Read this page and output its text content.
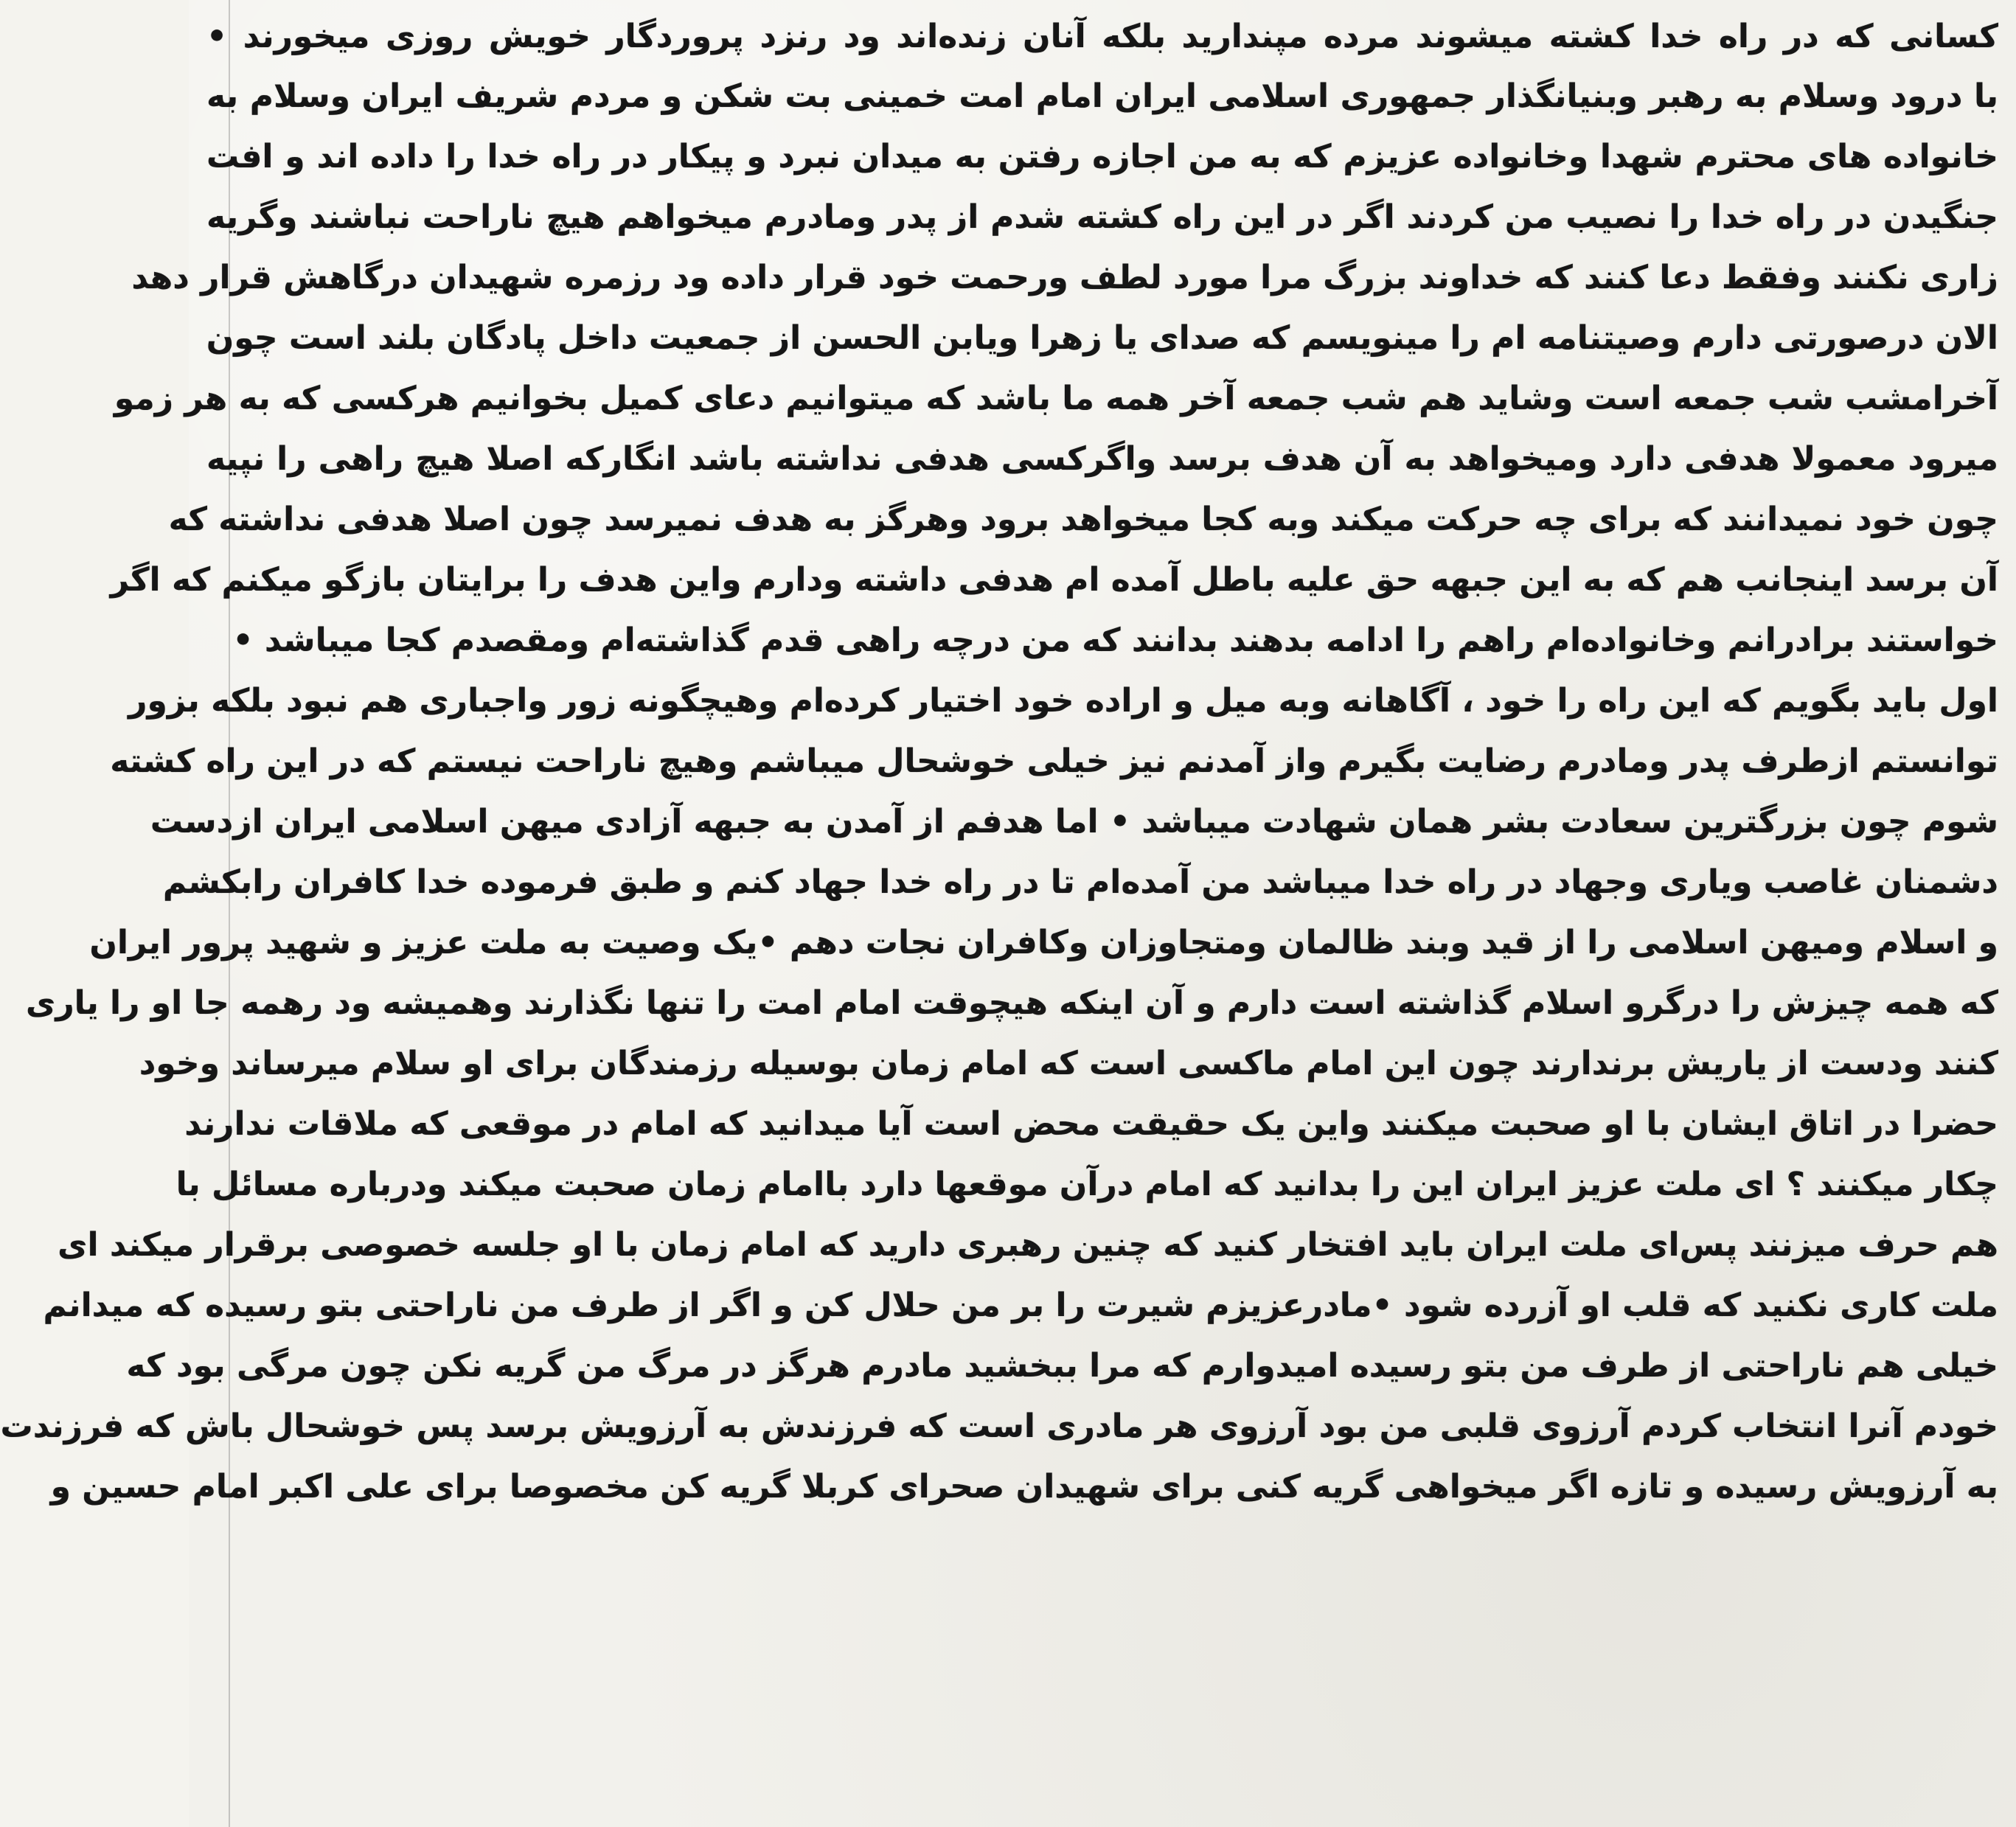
کسانی که در راه خدا کشته میشوند مرده مپندارید بلکه آنان زنده‌اند ود رنزد پروردگار خویش روزی میخورند •
با درود وسلام به رهبر وبنیانگذار جمهوری اسلامی ایران امام امت خمینی بت شکن و مردم شریف ایران وسلام به
خانواده هاى محترم شهدا وخانواده عزیزم که به من اجازه رفتن به میدان نبرد و پیکار در راه خدا را داده اند و افت
جنگیدن در راه خدا را نصیب من کردند اگر در این راه کشته شدم از پدر ومادرم میخواهم هیچ ناراحت نباشند وگریه
زاری نکنند وفقط دعا کنند که خداوند بزرگ مرا مورد لطف ورحمت خود قرار داده ود رزمره شهیدان درگاهش قرار دهد
الان درصورتی دارم وصیتنامه ام را مینویسم که صدای یا زهرا ویابن الحسن از جمعیت داخل پادگان بلند است چون
آخرامشب شب جمعه است وشاید هم شب جمعه آخر همه ما باشد که میتوانیم دعای کمیل بخوانیم هرکسی که به هر زمو
میرود معمولا هدفی دارد ومیخواهد به آن هدف برسد واگرکسی هدفی نداشته باشد انگارکه اصلا هیچ راهی را نپیه
چون خود نمیدانند که برای چه حرکت میکند وبه کجا میخواهد برود وهرگز به هدف نمیرسد چون اصلا هدفی نداشته که
آن برسد اینجانب هم که به این جبهه حق علیه باطل آمده ام هدفی داشته ودارم واین هدف را برایتان بازگو میکنم که اگر
خواستند برادرانم وخانواده‌ام راهم را ادامه بدهند بدانند که من درچه راهی قدم گذاشته‌ام ومقصدم کجا میباشد •
اول باید بگویم که این راه را خود ، آگاهانه وبه میل و اراده خود اختیار کرده‌ام وهیچگونه زور واجباری هم نبود بلکه بزور
توانستم ازطرف پدر ومادرم رضایت بگیرم واز آمدنم نیز خیلی خوشحال میباشم وهیچ ناراحت نیستم که در این راه کشته
شوم چون بزرگترین سعادت بشر همان شهادت میباشد • اما هدفم از آمدن به جبهه آزادی میهن اسلامی ایران ازدست
دشمنان غاصب ویاری وجهاد در راه خدا میباشد من آمده‌ام تا در راه خدا جهاد کنم و طبق فرموده خدا کافران رابکشم
و اسلام ومیهن اسلامی را از قید وبند ظالمان ومتجاوزان وکافران نجات دهم •یک وصیت به ملت عزیز و شهید پرور ایران
که همه چیزش را درگرو اسلام گذاشته است دارم و آن اینکه هیچوقت امام امت را تنها نگذارند وهمیشه ود رهمه جا او را یاری
کنند ودست از یاریش برندارند چون این امام ماکسی است که امام زمان بوسیله رزمندگان برای او سلام میرساند وخود
حضرا در اتاق ایشان با او صحبت میکنند واین یک حقیقت محض است آیا میدانید که امام در موقعی که ملاقات ندارند
چکار میکنند ؟ ای ملت عزیز ایران این را بدانید که امام درآن موقعها دارد باامام زمان صحبت میکند ودرباره مسائل با
هم حرف میزنند پس‌ای ملت ایران باید افتخار کنید که چنین رهبری دارید که امام زمان با او جلسه خصوصی برقرار میکند ای
ملت کاری نکنید که قلب او آزرده شود •مادرعزیزم شیرت را بر من حلال کن و اگر از طرف من ناراحتی بتو رسیده که میدانم
خیلی هم ناراحتی از طرف من بتو رسیده امیدوارم که مرا ببخشید مادرم هرگز در مرگ من گریه نکن چون مرگی بود که
خودم آنرا انتخاب کردم آرزوی قلبی من بود آرزوی هر مادری است که فرزندش به آرزویش برسد پس خوشحال باش که فرزندت
به آرزویش رسیده و تازه اگر میخواهی گریه کنی برای شهیدان صحرای کربلا گریه کن مخصوصا برای علی اکبر امام حسین و
